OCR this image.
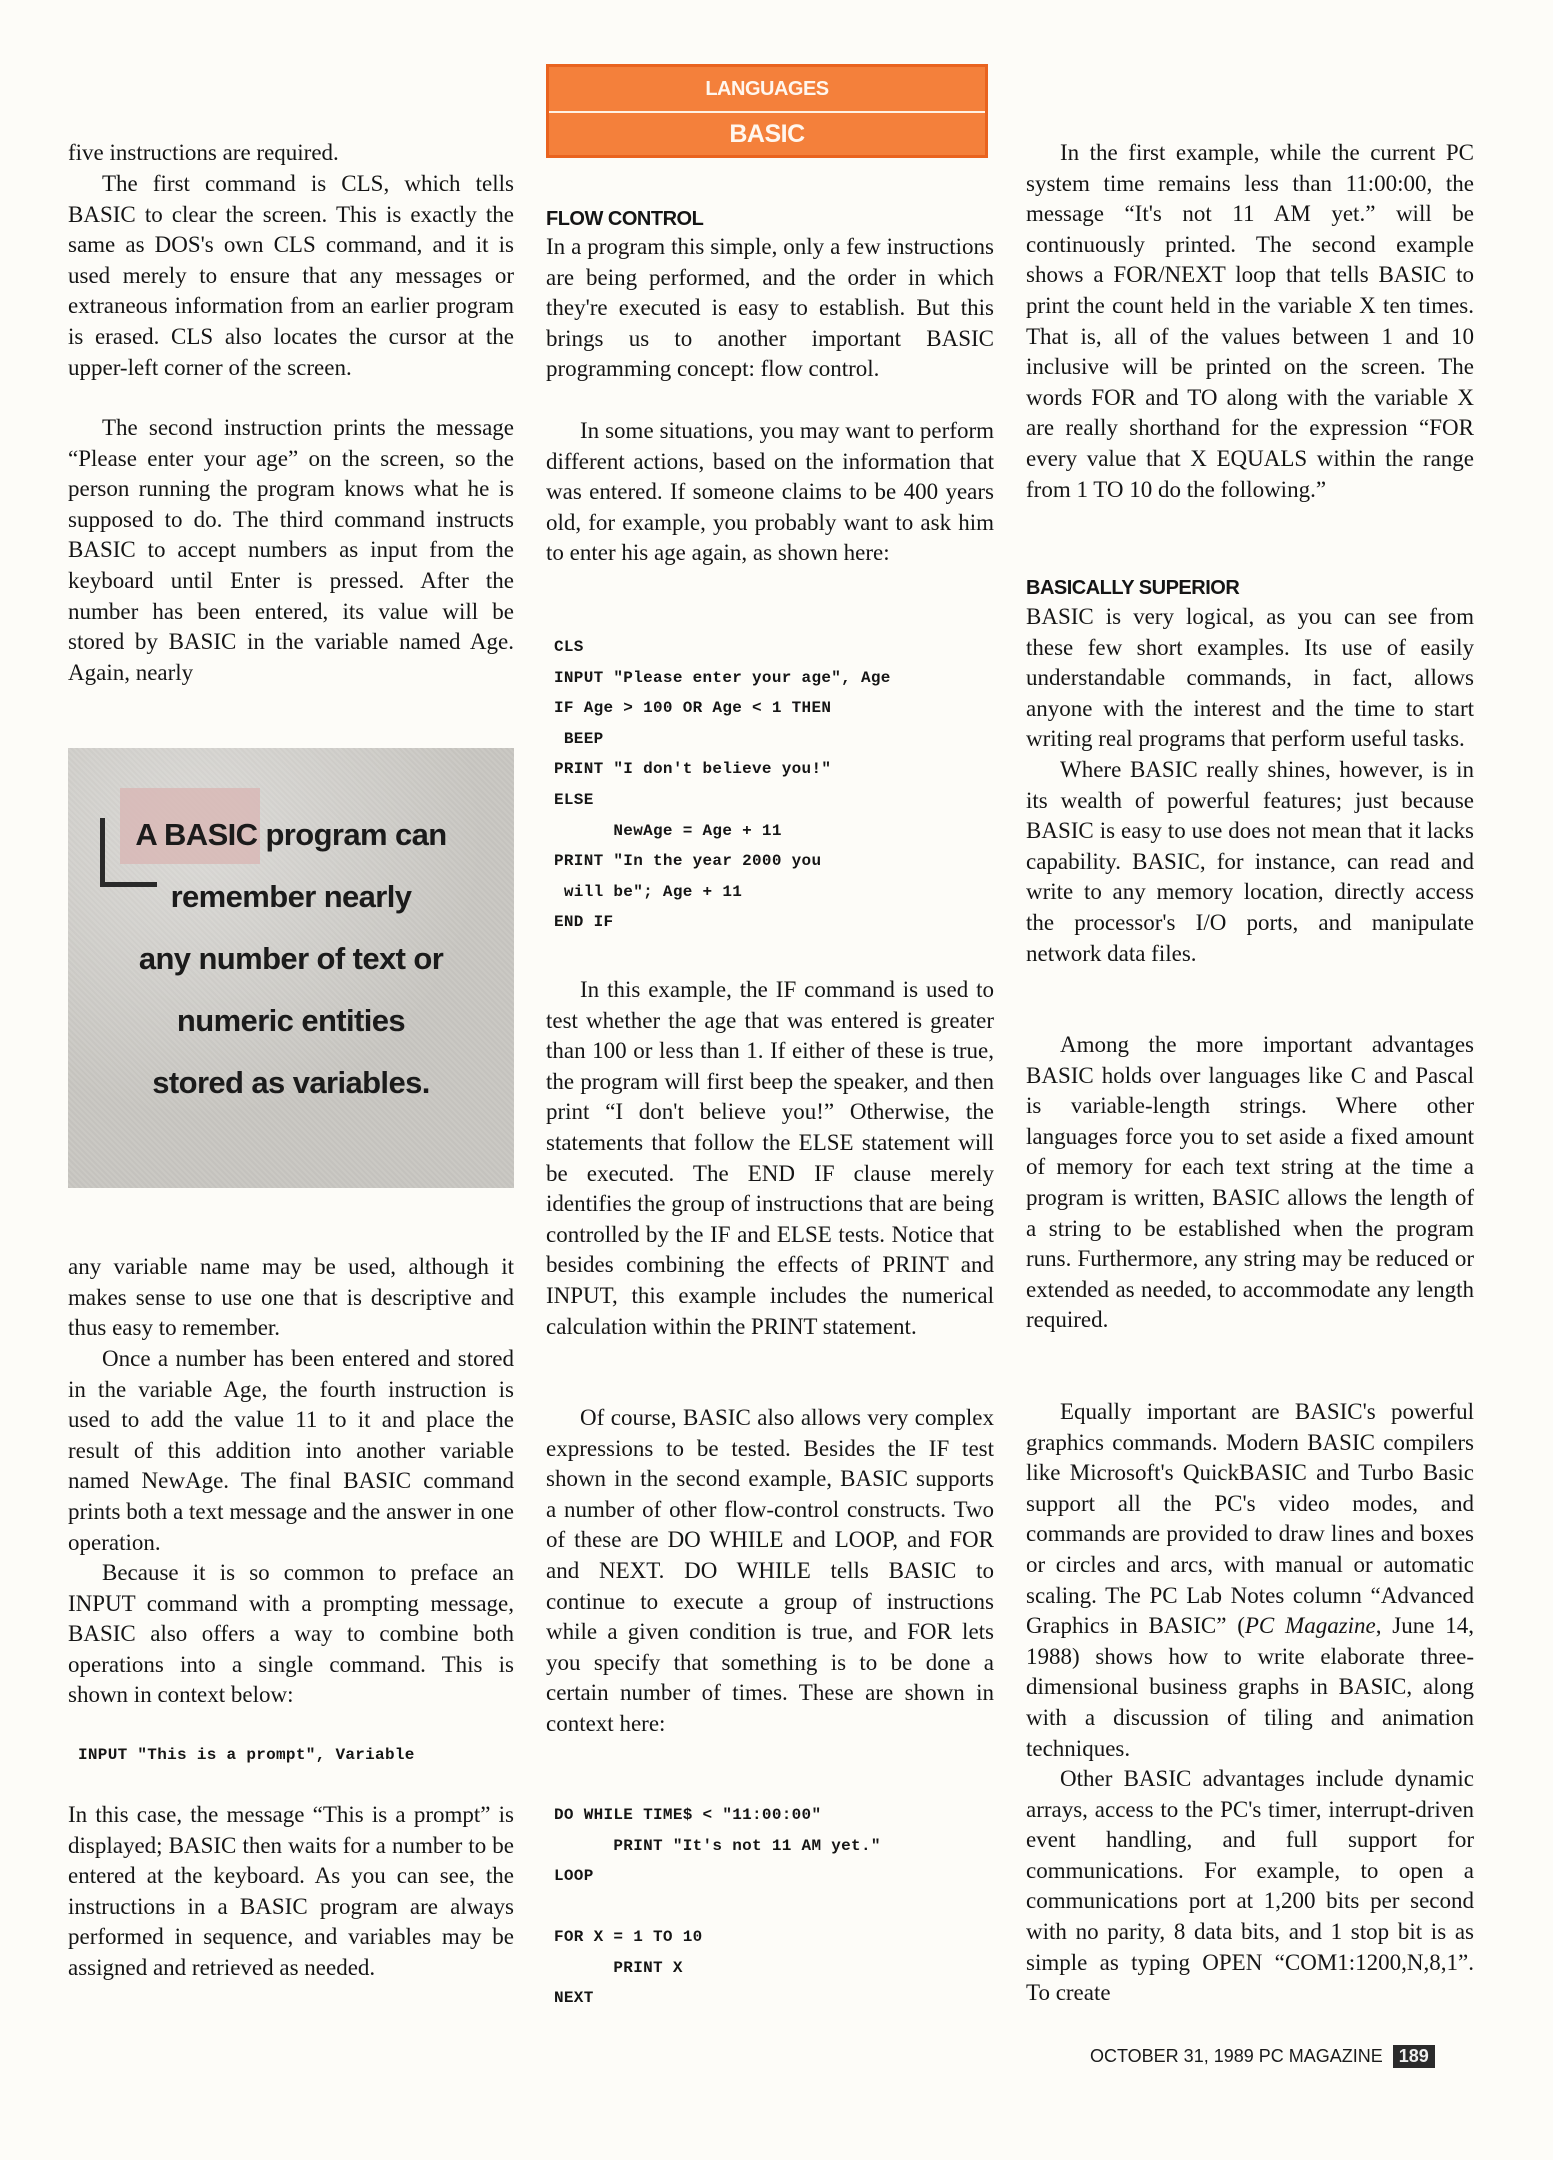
LANGUAGES
BASIC

five instructions are required.

The first command is CLS, which tells BASIC to clear the screen. This is exactly the same as DOS's own CLS command, and it is used merely to ensure that any messages or extraneous information from an earlier program is erased. CLS also locates the cursor at the upper-left corner of the screen.

The second instruction prints the message “Please enter your age” on the screen, so the person running the program knows what he is supposed to do. The third command instructs BASIC to accept numbers as input from the keyboard until Enter is pressed. After the number has been entered, its value will be stored by BASIC in the variable named Age. Again, nearly

any variable name may be used, although it makes sense to use one that is descriptive and thus easy to remember.

Once a number has been entered and stored in the variable Age, the fourth instruction is used to add the value 11 to it and place the result of this addition into another variable named NewAge. The final BASIC command prints both a text message and the answer in one operation.

Because it is so common to preface an INPUT command with a prompting message, BASIC also offers a way to combine both operations into a single command. This is shown in context below:

INPUT "This is a prompt", Variable

In this case, the message “This is a prompt” is displayed; BASIC then waits for a number to be entered at the keyboard. As you can see, the instructions in a BASIC program are always performed in sequence, and variables may be assigned and retrieved as needed.

A BASIC program can
remember nearly
any number of text or
numeric entities
stored as variables.
FLOW CONTROL

In a program this simple, only a few instructions are being performed, and the order in which they're executed is easy to establish. But this brings us to another important BASIC programming concept: flow control.

In some situations, you may want to perform different actions, based on the information that was entered. If someone claims to be 400 years old, for example, you probably want to ask him to enter his age again, as shown here:

CLS
INPUT "Please enter your age", Age
IF Age > 100 OR Age < 1 THEN
BEEP
PRINT "I don't believe you!"
ELSE
NewAge = Age + 11
PRINT "In the year 2000 you
will be"; Age + 11
END IF

In this example, the IF command is used to test whether the age that was entered is greater than 100 or less than 1. If either of these is true, the program will first beep the speaker, and then print “I don't believe you!” Otherwise, the statements that follow the ELSE statement will be executed. The END IF clause merely identifies the group of instructions that are being controlled by the IF and ELSE tests. Notice that besides combining the effects of PRINT and INPUT, this example includes the numerical calculation within the PRINT statement.

Of course, BASIC also allows very complex expressions to be tested. Besides the IF test shown in the second example, BASIC supports a number of other flow-control constructs. Two of these are DO WHILE and LOOP, and FOR and NEXT. DO WHILE tells BASIC to continue to execute a group of instructions while a given condition is true, and FOR lets you specify that something is to be done a certain number of times. These are shown in context here:

DO WHILE TIME$ < "11:00:00"
PRINT "It's not 11 AM yet."
LOOP

FOR X = 1 TO 10
PRINT X
NEXT

In the first example, while the current PC system time remains less than 11:00:00, the message “It's not 11 AM yet.” will be continuously printed. The second example shows a FOR/NEXT loop that tells BASIC to print the count held in the variable X ten times. That is, all of the values between 1 and 10 inclusive will be printed on the screen. The words FOR and TO along with the variable X are really shorthand for the expression “FOR every value that X EQUALS within the range from 1 TO 10 do the following.”

BASICALLY SUPERIOR

BASIC is very logical, as you can see from these few short examples. Its use of easily understandable commands, in fact, allows anyone with the interest and the time to start writing real programs that perform useful tasks.

Where BASIC really shines, however, is in its wealth of powerful features; just because BASIC is easy to use does not mean that it lacks capability. BASIC, for instance, can read and write to any memory location, directly access the processor's I/O ports, and manipulate network data files.

Among the more important advantages BASIC holds over languages like C and Pascal is variable-length strings. Where other languages force you to set aside a fixed amount of memory for each text string at the time a program is written, BASIC allows the length of a string to be established when the program runs. Furthermore, any string may be reduced or extended as needed, to accommodate any length required.

Equally important are BASIC's powerful graphics commands. Modern BASIC compilers like Microsoft's QuickBASIC and Turbo Basic support all the PC's video modes, and commands are provided to draw lines and boxes or circles and arcs, with manual or automatic scaling. The PC Lab Notes column “Advanced Graphics in BASIC” (PC Magazine, June 14, 1988) shows how to write elaborate three-dimensional business graphs in BASIC, along with a discussion of tiling and animation techniques.

Other BASIC advantages include dynamic arrays, access to the PC's timer, interrupt-driven event handling, and full support for communications. For example, to open a communications port at 1,200 bits per second with no parity, 8 data bits, and 1 stop bit is as simple as typing OPEN “COM1:1200,N,8,1”. To create

OCTOBER 31, 1989 PC MAGAZINE 189
